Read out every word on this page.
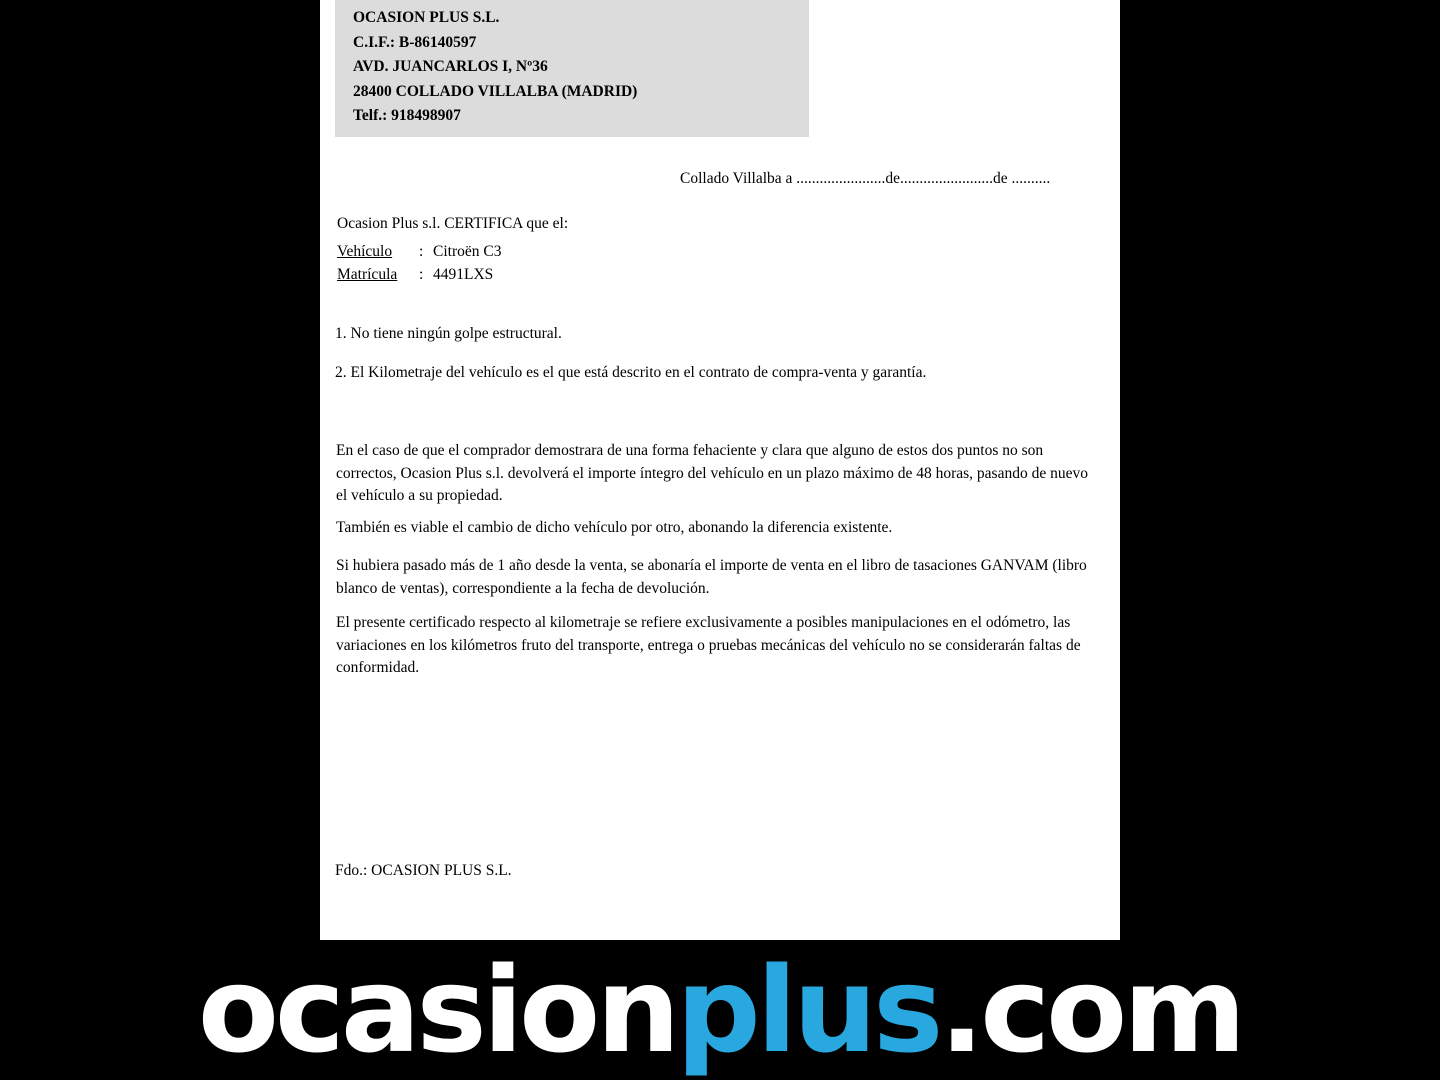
OCASION PLUS S.L.
C.I.F.: B-86140597
AVD. JUANCARLOS I, Nº36
28400 COLLADO VILLALBA (MADRID)
Telf.: 918498907
Collado Villalba a .......................de........................de ..........
Ocasion Plus s.l. CERTIFICA que el:
Vehículo	: Citroën C3
Matrícula	: 4491LXS
1. No tiene ningún golpe estructural.
2. El Kilometraje del vehículo es el que está descrito en el contrato de compra-venta y garantía.
En el caso de que el comprador demostrara de una forma fehaciente y clara que alguno de estos dos puntos no son correctos, Ocasion Plus s.l. devolverá el importe íntegro del vehículo en un plazo máximo de 48 horas, pasando de nuevo el vehículo a su propiedad.
También es viable el cambio de dicho vehículo por otro, abonando la diferencia existente.
Si hubiera pasado más de 1 año desde la venta, se abonaría el importe de venta en el libro de tasaciones GANVAM (libro blanco de ventas), correspondiente a la fecha de devolución.
El presente certificado respecto al kilometraje se refiere exclusivamente a posibles manipulaciones en el odómetro, las variaciones en los kilómetros fruto del transporte, entrega o pruebas mecánicas del vehículo no se considerarán faltas de conformidad.
Fdo.: OCASION PLUS S.L.
ocasion plus .com
